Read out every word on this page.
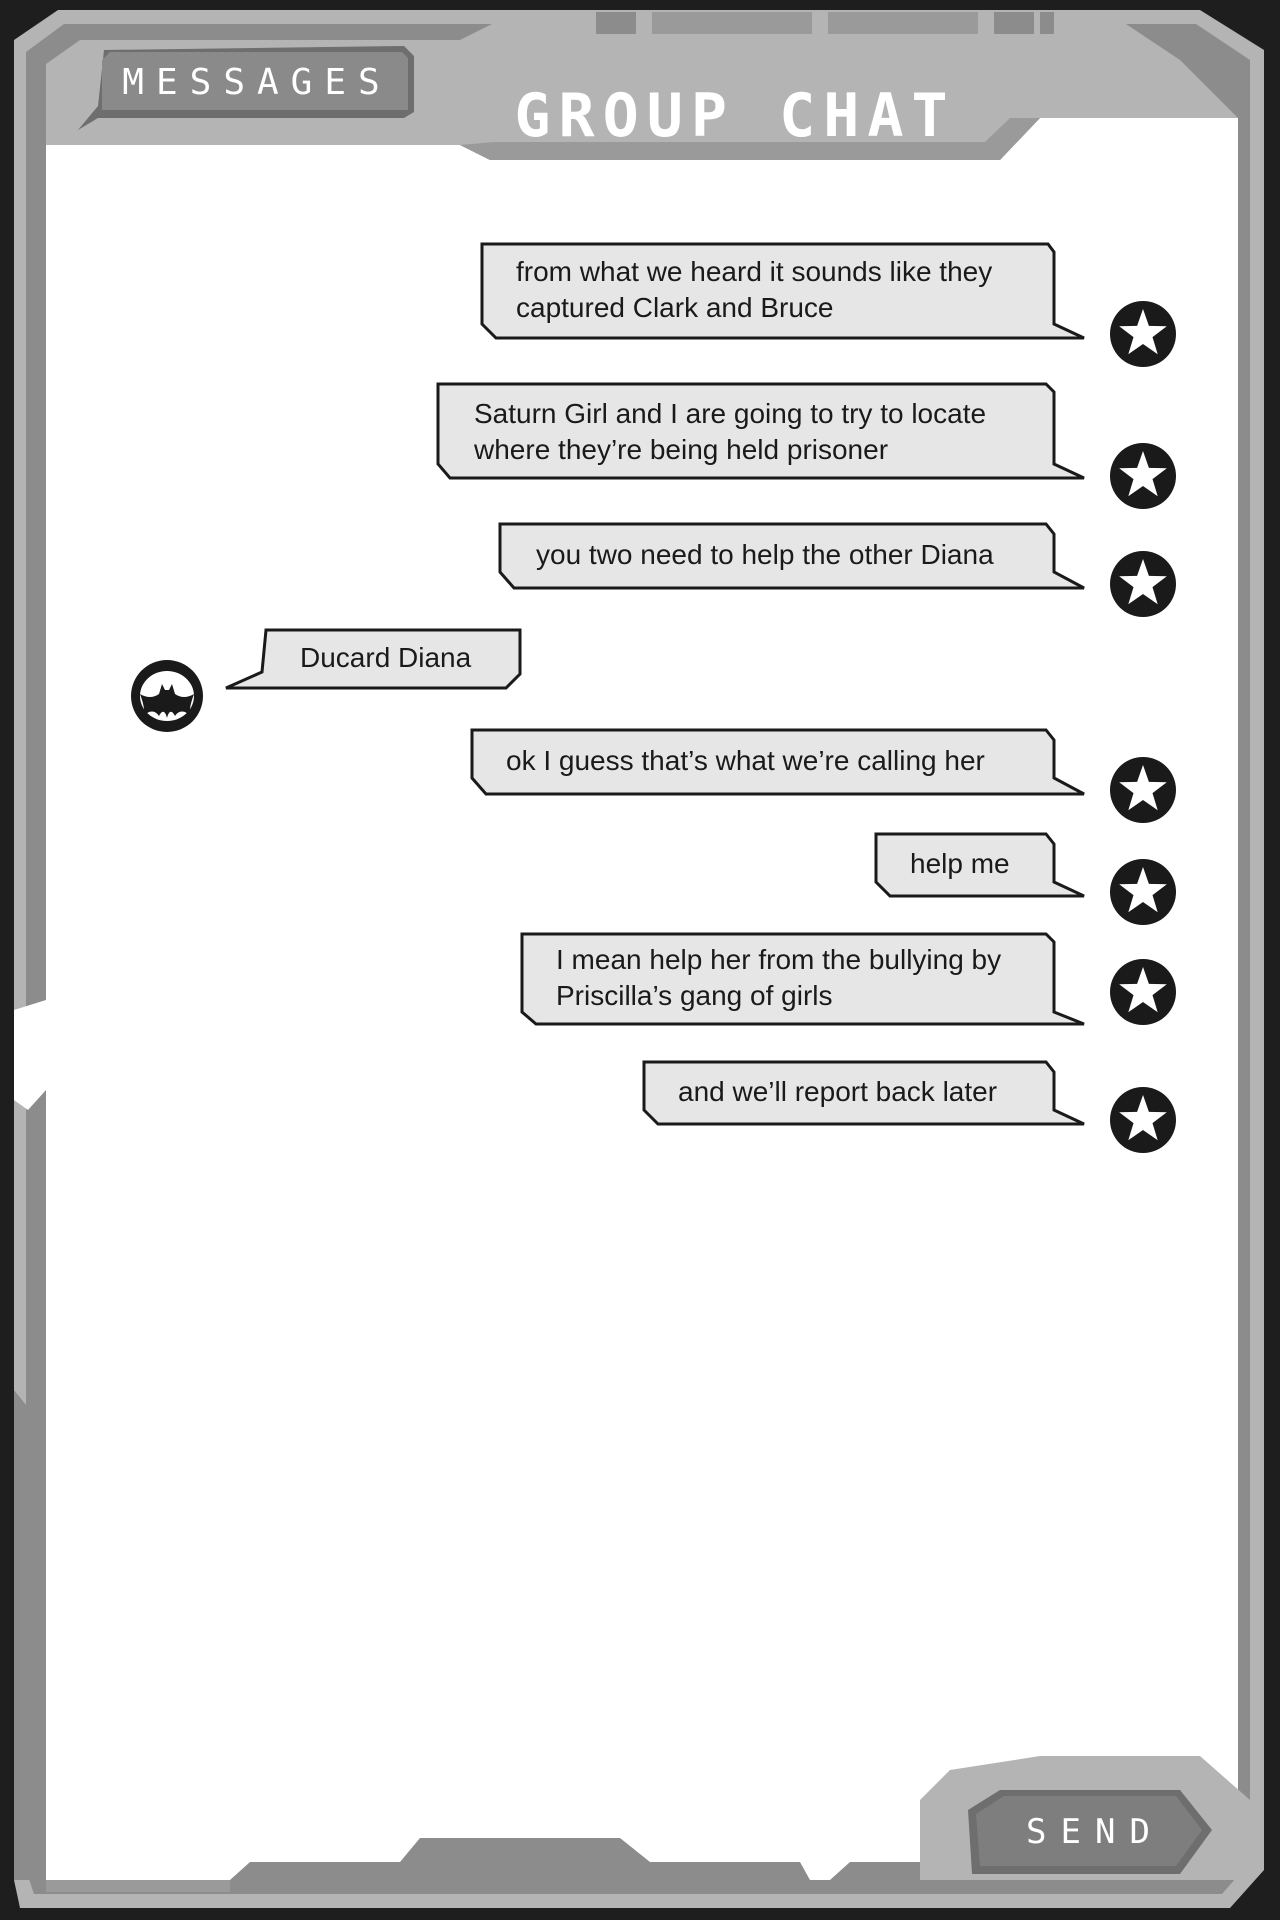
MESSAGES	GROUP CHAT
from what we heard it sounds like they captured Clark and Bruce
Saturn Girl and I are going to try to locate where they’re being held prisoner
you two need to help the other Diana
Ducard Diana
ok I guess that’s what we’re calling her
help me
I mean help her from the bullying by Priscilla’s gang of girls
and we’ll report back later
SEND
